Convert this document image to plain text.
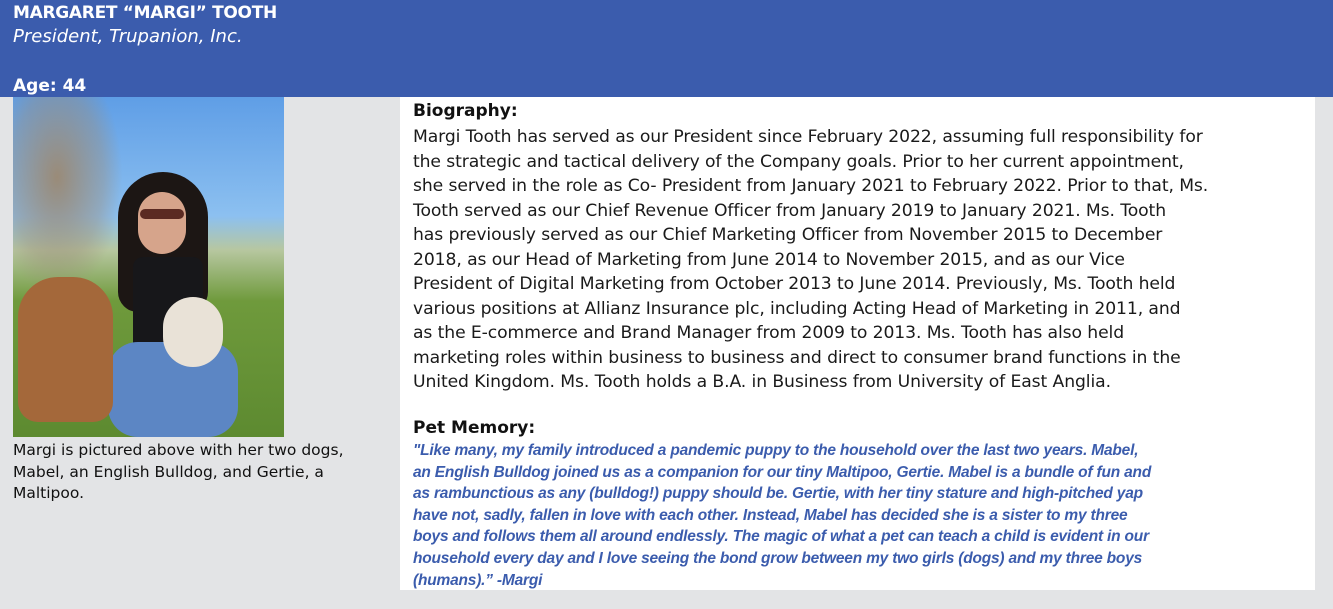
MARGARET “MARGI” TOOTH
President, Trupanion, Inc.
Age: 44
Margi is pictured above with her two dogs, Mabel, an English Bulldog, and Gertie, a Maltipoo.
Biography:
Margi Tooth has served as our President since February 2022, assuming full responsibility for
the strategic and tactical delivery of the Company goals. Prior to her current appointment,
she served in the role as Co- President from January 2021 to February 2022. Prior to that, Ms.
Tooth served as our Chief Revenue Officer from January 2019 to January 2021. Ms. Tooth
has previously served as our Chief Marketing Officer from November 2015 to December
2018, as our Head of Marketing from June 2014 to November 2015, and as our Vice
President of Digital Marketing from October 2013 to June 2014. Previously, Ms. Tooth held
various positions at Allianz Insurance plc, including Acting Head of Marketing in 2011, and
as the E-commerce and Brand Manager from 2009 to 2013. Ms. Tooth has also held
marketing roles within business to business and direct to consumer brand functions in the
United Kingdom. Ms. Tooth holds a B.A. in Business from University of East Anglia.
Pet Memory:
"Like many, my family introduced a pandemic puppy to the household over the last two years. Mabel,
an English Bulldog joined us as a companion for our tiny Maltipoo, Gertie. Mabel is a bundle of fun and
as rambunctious as any (bulldog!) puppy should be. Gertie, with her tiny stature and high-pitched yap
have not, sadly, fallen in love with each other. Instead, Mabel has decided she is a sister to my three
boys and follows them all around endlessly. The magic of what a pet can teach a child is evident in our
household every day and I love seeing the bond grow between my two girls (dogs) and my three boys
(humans).” -Margi
